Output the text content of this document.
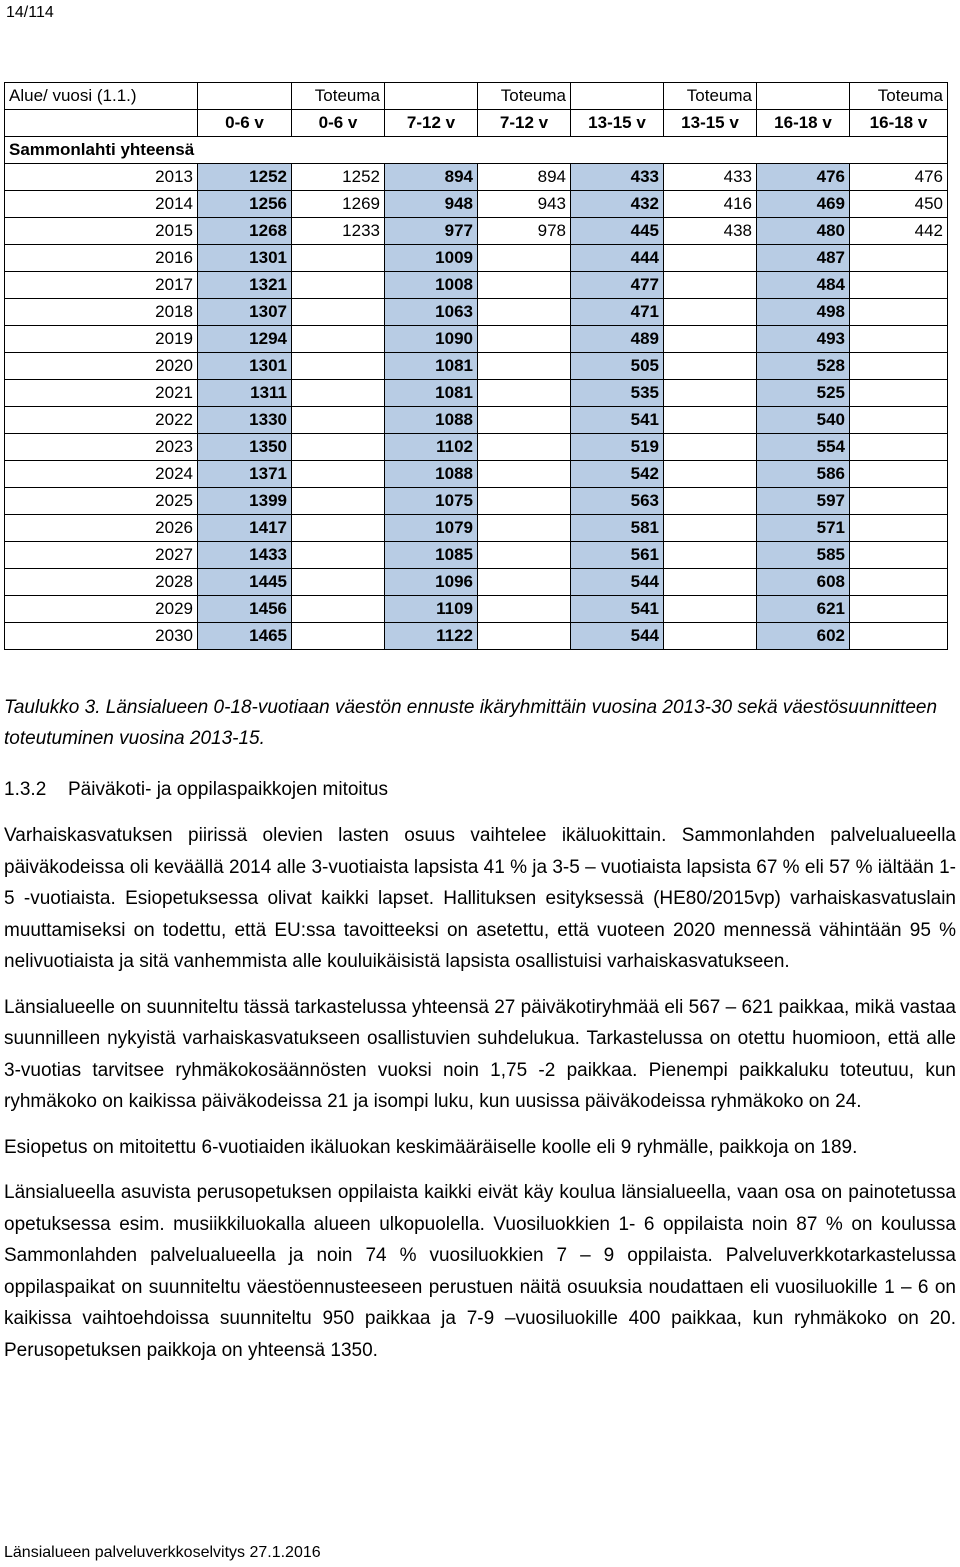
14/114
Alue/ vuosi (1.1.)		Toteuma		Toteuma		Toteuma		Toteuma
	0-6 v	0-6 v	7-12 v	7-12 v	13-15 v	13-15 v	16-18 v	16-18 v
Sammonlahti yhteensä								
2013	1252	1252	894	894	433	433	476	476
2014	1256	1269	948	943	432	416	469	450
2015	1268	1233	977	978	445	438	480	442
2016	1301		1009		444		487	
2017	1321		1008		477		484	
2018	1307		1063		471		498	
2019	1294		1090		489		493	
2020	1301		1081		505		528	
2021	1311		1081		535		525	
2022	1330		1088		541		540	
2023	1350		1102		519		554	
2024	1371		1088		542		586	
2025	1399		1075		563		597	
2026	1417		1079		581		571	
2027	1433		1085		561		585	
2028	1445		1096		544		608	
2029	1456		1109		541		621	
2030	1465		1122		544		602	
Taulukko 3. Länsialueen 0-18-vuotiaan väestön ennuste ikäryhmittäin vuosina 2013-30 sekä väestösuunnitteen toteutuminen vuosina 2013-15.
1.3.2 Päiväkoti- ja oppilaspaikkojen mitoitus

Varhaiskasvatuksen piirissä olevien lasten osuus vaihtelee ikäluokittain. Sammonlahden palvelualueella päiväkodeissa oli keväällä 2014 alle 3-vuotiaista lapsista 41 % ja 3-5 – vuotiaista lapsista 67 % eli 57 % iältään 1-5 -vuotiaista. Esiopetuksessa olivat kaikki lapset. Hallituksen esityksessä (HE80/2015vp) varhaiskasvatuslain muuttamiseksi on todettu, että EU:ssa tavoitteeksi on asetettu, että vuoteen 2020 mennessä vähintään 95 % nelivuotiaista ja sitä vanhemmista alle kouluikäisistä lapsista osallistuisi varhaiskasvatukseen.

Länsialueelle on suunniteltu tässä tarkastelussa yhteensä 27 päiväkotiryhmää eli 567 – 621 paikkaa, mikä vastaa suunnilleen nykyistä varhaiskasvatukseen osallistuvien suhdelukua. Tarkastelussa on otettu huomioon, että alle 3-vuotias tarvitsee ryhmäkokosäännösten vuoksi noin 1,75 -2 paikkaa. Pienempi paikkaluku toteutuu, kun ryhmäkoko on kaikissa päiväkodeissa 21 ja isompi luku, kun uusissa päiväkodeissa ryhmäkoko on 24.

Esiopetus on mitoitettu 6-vuotiaiden ikäluokan keskimääräiselle koolle eli 9 ryhmälle, paikkoja on 189.

Länsialueella asuvista perusopetuksen oppilaista kaikki eivät käy koulua länsialueella, vaan osa on painotetussa opetuksessa esim. musiikkiluokalla alueen ulkopuolella. Vuosiluokkien 1- 6 oppilaista noin 87 % on koulussa Sammonlahden palvelualueella ja noin 74 % vuosiluokkien 7 – 9 oppilaista. Palveluverkkotarkastelussa oppilaspaikat on suunniteltu väestöennusteeseen perustuen näitä osuuksia noudattaen eli vuosiluokille 1 – 6 on kaikissa vaihtoehdoissa suunniteltu 950 paikkaa ja 7-9 –vuosiluokille 400 paikkaa, kun ryhmäkoko on 20. Perusopetuksen paikkoja on yhteensä 1350.

Länsialueen palveluverkkoselvitys 27.1.2016
